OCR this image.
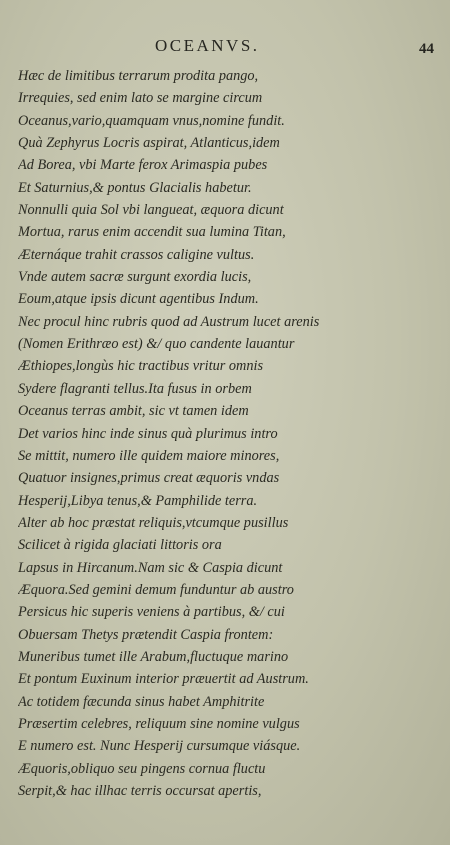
OCEANVS.	44
Hæc de limitibus terrarum prodita pango,
Irrequies, sed enim lato se margine circum
Oceanus,vario,quamquam vnus,nomine fundit.
Quà Zephyrus Locris aspirat, Atlanticus,idem
Ad Borea, vbi Marte ferox Arimaspia pubes
Et Saturnius,& pontus Glacialis habetur.
Nonnulli quia Sol vbi langueat, æquora dicunt
Mortua, rarus enim accendit sua lumina Titan,
Æternáque trahit crassos caligine vultus.
Vnde autem sacræ surgunt exordia lucis,
Eoum,atque ipsis dicunt agentibus Indum.
Nec procul hinc rubris quod ad Austrum lucet arenis
(Nomen Erithræo est) &/ quo candente lauantur
Æthiopes,longùs hic tractibus vritur omnis
Sydere flagranti tellus.Ita fusus in orbem
Oceanus terras ambit, sic vt tamen idem
Det varios hinc inde sinus quà plurimus intro
Se mittit, numero ille quidem maiore minores,
Quatuor insignes,primus creat æquoris vndas
Hesperij,Libya tenus,& Pamphilide terra.
Alter ab hoc præstat reliquis,vtcumque pusillus
Scilicet à rigida glaciati littoris ora
Lapsus in Hircanum.Nam sic & Caspia dicunt
Æquora.Sed gemini demum funduntur ab austro
Persicus hic superis veniens à partibus, &/ cui
Obuersam Thetys prætendit Caspia frontem:
Muneribus tumet ille Arabum,fluctuque marino
Et pontum Euxinum interior præuertit ad Austrum.
Ac totidem fæcunda sinus habet Amphitrite
Præsertim celebres, reliquum sine nomine vulgus
E numero est. Nunc Hesperij cursumque viásque.
Æquoris,obliquo seu pingens cornua fluctu
Serpit,& hac illhac terris occursat apertis,
